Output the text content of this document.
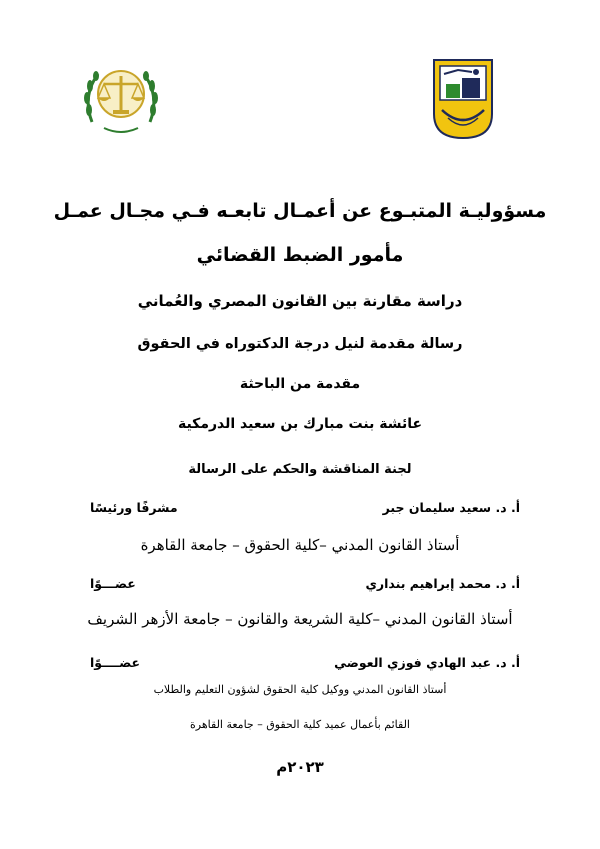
مسؤوليـة المتبـوع عن أعمـال تابعـه فـي مجـال عمـل
مأمور الضبط القضائي
دراسة مقارنة بين القانون المصري والعُماني
رسالة مقدمة لنيل درجة الدكتوراه في الحقوق
مقدمة من الباحثة
عائشة بنت مبارك بن سعيد الدرمكية
لجنة المناقشة والحكم على الرسالة
أ. د. سعيد سليمان جبر
مشرفًا ورئيسًا
أستاذ القانون المدني –كلية الحقوق – جامعة القاهرة
أ. د. محمد إبراهيم بنداري
عضـــوًا
أستاذ القانون المدني –كلية الشريعة والقانون – جامعة الأزهر الشريف
أ. د. عبد الهادي فوزي العوضي
عضــــوًا
أستاذ القانون المدني ووكيل كلية الحقوق لشؤون التعليم والطلاب
القائم بأعمال عميد كلية الحقوق – جامعة القاهرة
٢٠٢٣م
